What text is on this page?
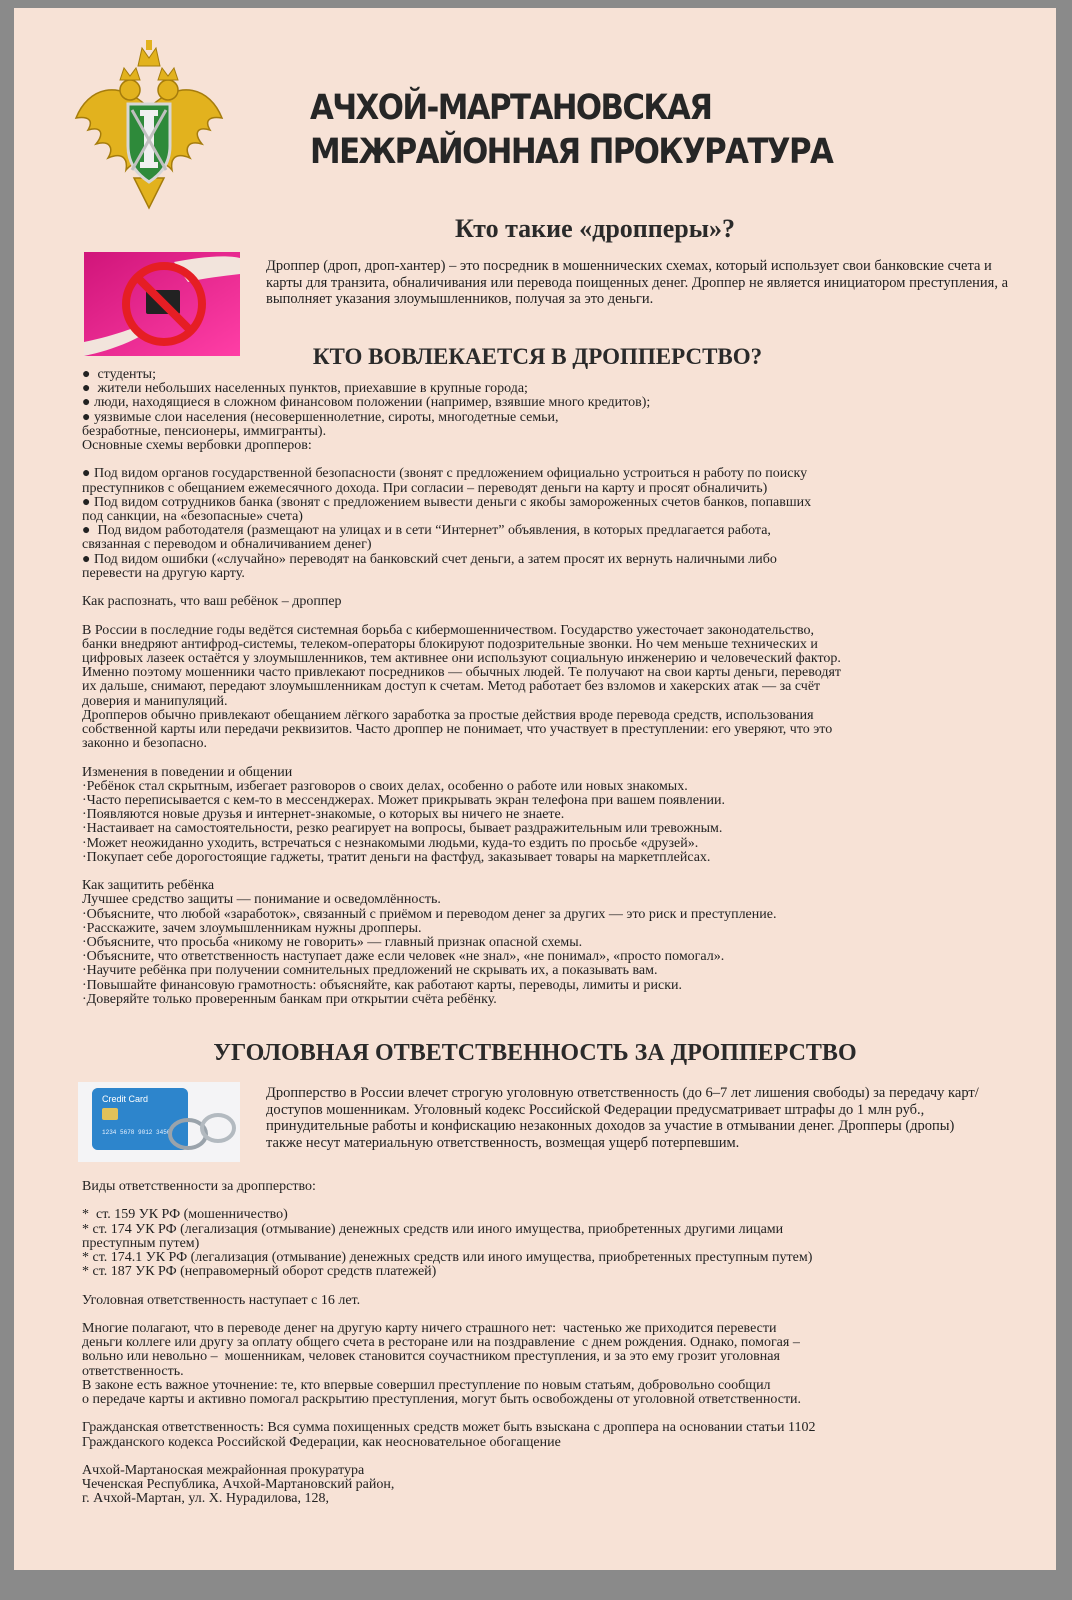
АЧХОЙ-МАРТАНОВСКАЯ
МЕЖРАЙОННАЯ ПРОКУРАТУРА
Кто такие «дропперы»?

Дроппер (дроп, дроп-хантер) – это посредник в мошеннических схемах, который использует свои банковские счета и карты для транзита, обналичивания или перевода поищенных денег. Дроппер не является инициатором преступления, а выполняет указания злоумышленников, получая за это деньги.

КТО ВОВЛЕКАЕТСЯ В ДРОППЕРСТВО?
●  студенты;
●  жители небольших населенных пунктов, приехавшие в крупные города;
● люди, находящиеся в сложном финансовом положении (например, взявшие много кредитов);
● уязвимые слои населения (несовершеннолетние, сироты, многодетные семьи,
безработные, пенсионеры, иммигранты).
Основные схемы вербовки дропперов:
● Под видом органов государственной безопасности (звонят с предложением официально устроиться н работу по поиску
преступников с обещанием ежемесячного дохода. При согласии – переводят деньги на карту и просят обналичить)
● Под видом сотрудников банка (звонят с предложением вывести деньги с якобы замороженных счетов банков, попавших
под санкции, на «безопасные» счета)
●  Под видом работодателя (размещают на улицах и в сети “Интернет” объявления, в которых предлагается работа,
связанная с переводом и обналичиванием денег)
● Под видом ошибки («случайно» переводят на банковский счет деньги, а затем просят их вернуть наличными либо
перевести на другую карту.
Как распознать, что ваш ребёнок – дроппер
В России в последние годы ведётся системная борьба с кибермошенничеством. Государство ужесточает законодательство,
банки внедряют антифрод-системы, телеком-операторы блокируют подозрительные звонки. Но чем меньше технических и
цифровых лазеек остаётся у злоумышленников, тем активнее они используют социальную инженерию и человеческий фактор.
Именно поэтому мошенники часто привлекают посредников — обычных людей. Те получают на свои карты деньги, переводят
их дальше, снимают, передают злоумышленникам доступ к счетам. Метод работает без взломов и хакерских атак — за счёт
доверия и манипуляций.
Дропперов обычно привлекают обещанием лёгкого заработка за простые действия вроде перевода средств, использования
собственной карты или передачи реквизитов. Часто дроппер не понимает, что участвует в преступлении: его уверяют, что это
законно и безопасно.
Изменения в поведении и общении
·Ребёнок стал скрытным, избегает разговоров о своих делах, особенно о работе или новых знакомых.
·Часто переписывается с кем-то в мессенджерах. Может прикрывать экран телефона при вашем появлении.
·Появляются новые друзья и интернет-знакомые, о которых вы ничего не знаете.
·Настаивает на самостоятельности, резко реагирует на вопросы, бывает раздражительным или тревожным.
·Может неожиданно уходить, встречаться с незнакомыми людьми, куда-то ездить по просьбе «друзей».
·Покупает себе дорогостоящие гаджеты, тратит деньги на фастфуд, заказывает товары на маркетплейсах.
Как защитить ребёнка
Лучшее средство защиты — понимание и осведомлённость.
·Объясните, что любой «заработок», связанный с приёмом и переводом денег за других — это риск и преступление.
·Расскажите, зачем злоумышленникам нужны дропперы.
·Объясните, что просьба «никому не говорить» — главный признак опасной схемы.
·Объясните, что ответственность наступает даже если человек «не знал», «не понимал», «просто помогал».
·Научите ребёнка при получении сомнительных предложений не скрывать их, а показывать вам.
·Повышайте финансовую грамотность: объясняйте, как работают карты, переводы, лимиты и риски.
·Доверяйте только проверенным банкам при открытии счёта ребёнку.
УГОЛОВНАЯ ОТВЕТСТВЕННОСТЬ ЗА ДРОППЕРСТВО
Credit Card
1234 5678 9012 3456

Дропперство в России влечет строгую уголовную ответственность (до 6–7 лет лишения свободы) за передачу карт/доступов мошенникам. Уголовный кодекс Российской Федерации предусматривает штрафы до 1 млн руб., принудительные работы и конфискацию незаконных доходов за участие в отмывании денег. Дропперы (дропы) также несут материальную ответственность, возмещая ущерб потерпевшим.

Виды ответственности за дропперство:
*  ст. 159 УК РФ (мошенничество)
* ст. 174 УК РФ (легализация (отмывание) денежных средств или иного имущества, приобретенных другими лицами
преступным путем)
* ст. 174.1 УК РФ (легализация (отмывание) денежных средств или иного имущества, приобретенных преступным путем)
* ст. 187 УК РФ (неправомерный оборот средств платежей)
Уголовная ответственность наступает с 16 лет.
Многие полагают, что в переводе денег на другую карту ничего страшного нет:  частенько же приходится перевести
деньги коллеге или другу за оплату общего счета в ресторане или на поздравление  с днем рождения. Однако, помогая –
вольно или невольно –  мошенникам, человек становится соучастником преступления, и за это ему грозит уголовная
ответственность.
В законе есть важное уточнение: те, кто впервые совершил преступление по новым статьям, добровольно сообщил
о передаче карты и активно помогал раскрытию преступления, могут быть освобождены от уголовной ответственности.
Гражданская ответственность: Вся сумма похищенных средств может быть взыскана с дроппера на основании статьи 1102
Гражданского кодекса Российской Федерации, как неосновательное обогащение
Ачхой-Мартаноская межрайонная прокуратура
Чеченская Республика, Ачхой-Мартановский район,
г. Ачхой-Мартан, ул. Х. Нурадилова, 128,
